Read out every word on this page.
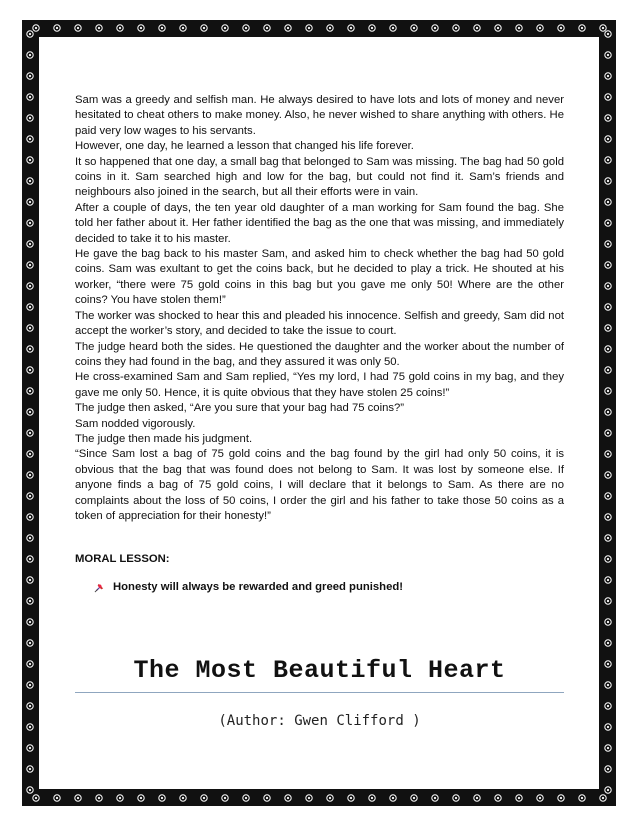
Sam was a greedy and selfish man. He always desired to have lots and lots of money and never hesitated to cheat others to make money. Also, he never wished to share anything with others. He paid very low wages to his servants.

However, one day, he learned a lesson that changed his life forever.

It so happened that one day, a small bag that belonged to Sam was missing. The bag had 50 gold coins in it. Sam searched high and low for the bag, but could not find it. Sam’s friends and neighbours also joined in the search, but all their efforts were in vain.

After a couple of days, the ten year old daughter of a man working for Sam found the bag. She told her father about it. Her father identified the bag as the one that was missing, and immediately decided to take it to his master.

He gave the bag back to his master Sam, and asked him to check whether the bag had 50 gold coins. Sam was exultant to get the coins back, but he decided to play a trick. He shouted at his worker, “there were 75 gold coins in this bag but you gave me only 50! Where are the other coins? You have stolen them!”

The worker was shocked to hear this and pleaded his innocence. Selfish and greedy, Sam did not accept the worker’s story, and decided to take the issue to court.

The judge heard both the sides. He questioned the daughter and the worker about the number of coins they had found in the bag, and they assured it was only 50.

He cross-examined Sam and Sam replied, “Yes my lord, I had 75 gold coins in my bag, and they gave me only 50. Hence, it is quite obvious that they have stolen 25 coins!”

The judge then asked, “Are you sure that your bag had 75 coins?”

Sam nodded vigorously.

The judge then made his judgment.

“Since Sam lost a bag of 75 gold coins and the bag found by the girl had only 50 coins, it is obvious that the bag that was found does not belong to Sam. It was lost by someone else. If anyone finds a bag of 75 gold coins, I will declare that it belongs to Sam. As there are no complaints about the loss of 50 coins, I order the girl and his father to take those 50 coins as a token of appreciation for their honesty!”

MORAL LESSON:
Honesty will always be rewarded and greed punished!
The Most Beautiful Heart
(Author: Gwen Clifford )
